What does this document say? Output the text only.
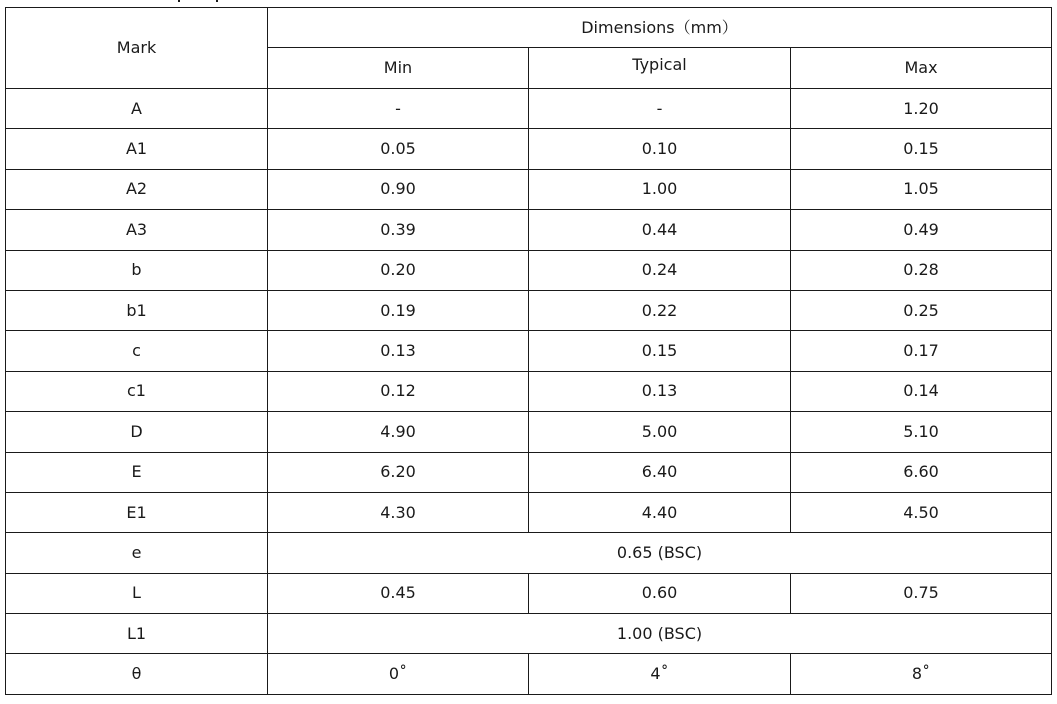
Mark	Dimensions（mm）		
	Min	Typical	Max
A	-	-	1.20
A1	0.05	0.10	0.15
A2	0.90	1.00	1.05
A3	0.39	0.44	0.49
b	0.20	0.24	0.28
b1	0.19	0.22	0.25
c	0.13	0.15	0.17
c1	0.12	0.13	0.14
D	4.90	5.00	5.10
E	6.20	6.40	6.60
E1	4.30	4.40	4.50
e	0.65 (BSC)		
L	0.45	0.60	0.75
L1	1.00 (BSC)		
θ	0˚	4˚	8˚
